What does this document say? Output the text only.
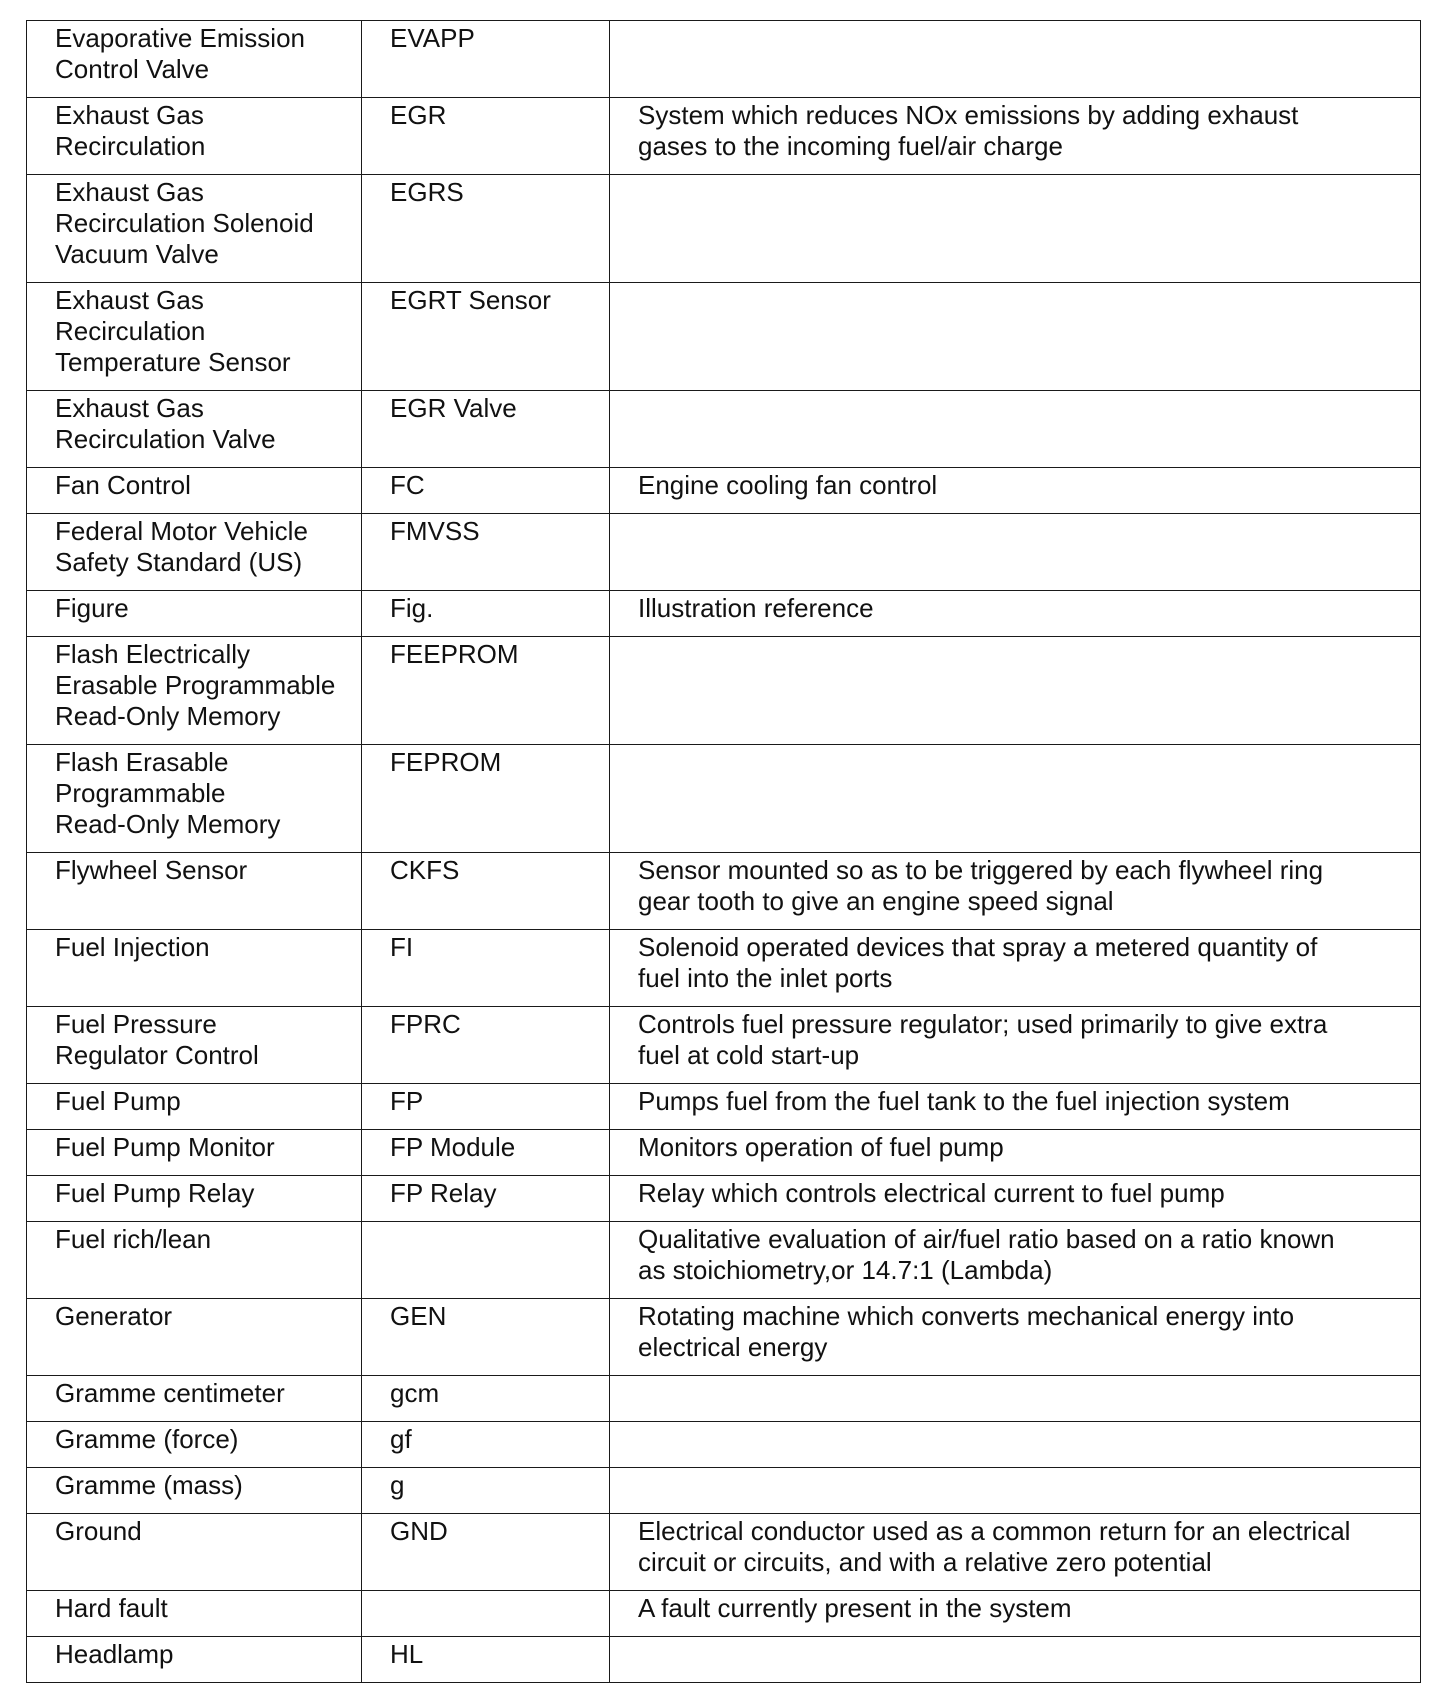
Evaporative Emission
Control Valve	EVAPP	
Exhaust Gas
Recirculation	EGR	System which reduces NOx emissions by adding exhaust
gases to the incoming fuel/air charge
Exhaust Gas
Recirculation Solenoid
Vacuum Valve	EGRS	
Exhaust Gas
Recirculation
Temperature Sensor	EGRT Sensor	
Exhaust Gas
Recirculation Valve	EGR Valve	
Fan Control	FC	Engine cooling fan control
Federal Motor Vehicle
Safety Standard (US)	FMVSS	
Figure	Fig.	Illustration reference
Flash Electrically
Erasable Programmable
Read-Only Memory	FEEPROM	
Flash Erasable
Programmable
Read-Only Memory	FEPROM	
Flywheel Sensor	CKFS	Sensor mounted so as to be triggered by each flywheel ring
gear tooth to give an engine speed signal
Fuel Injection	FI	Solenoid operated devices that spray a metered quantity of
fuel into the inlet ports
Fuel Pressure
Regulator Control	FPRC	Controls fuel pressure regulator; used primarily to give extra
fuel at cold start-up
Fuel Pump	FP	Pumps fuel from the fuel tank to the fuel injection system
Fuel Pump Monitor	FP Module	Monitors operation of fuel pump
Fuel Pump Relay	FP Relay	Relay which controls electrical current to fuel pump
Fuel rich/lean		Qualitative evaluation of air/fuel ratio based on a ratio known
as stoichiometry,or 14.7:1 (Lambda)
Generator	GEN	Rotating machine which converts mechanical energy into
electrical energy
Gramme centimeter	gcm	
Gramme (force)	gf	
Gramme (mass)	g	
Ground	GND	Electrical conductor used as a common return for an electrical
circuit or circuits, and with a relative zero potential
Hard fault		A fault currently present in the system
Headlamp	HL	
